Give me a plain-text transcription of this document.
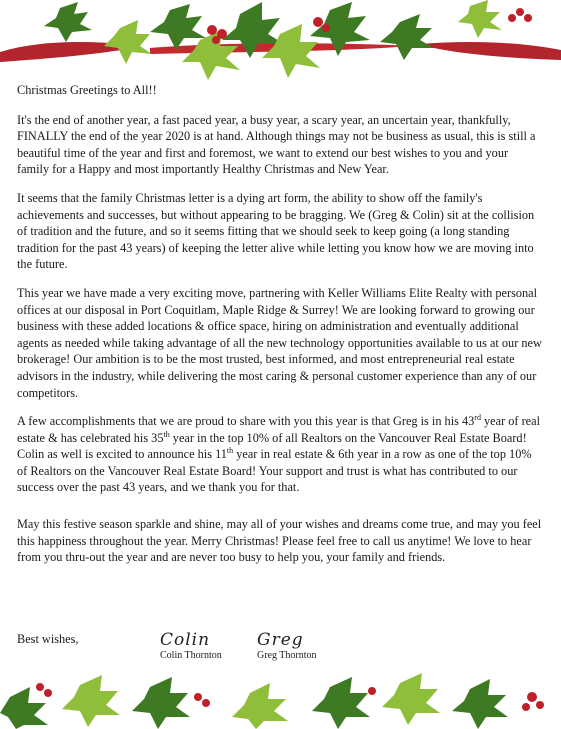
Christmas Greetings to All!!

It's the end of another year, a fast paced year, a busy year, a scary year, an uncertain year, thankfully, FINALLY the end of the year 2020 is at hand. Although things may not be business as usual, this is still a beautiful time of the year and first and foremost, we want to extend our best wishes to you and your family for a Happy and most importantly Healthy Christmas and New Year.

It seems that the family Christmas letter is a dying art form, the ability to show off the family's achievements and successes, but without appearing to be bragging. We (Greg & Colin) sit at the collision of tradition and the future, and so it seems fitting that we should seek to keep going (a long standing tradition for the past 43 years) of keeping the letter alive while letting you know how we are moving into the future.

This year we have made a very exciting move, partnering with Keller Williams Elite Realty with personal offices at our disposal in Port Coquitlam, Maple Ridge & Surrey! We are looking forward to growing our business with these added locations & office space, hiring on administration and eventually additional agents as needed while taking advantage of all the new technology opportunities available to us at our new brokerage! Our ambition is to be the most trusted, best informed, and most entrepreneurial real estate advisors in the industry, while delivering the most caring & personal customer experience than any of our competitors.

A few accomplishments that we are proud to share with you this year is that Greg is in his 43rd year of real estate & has celebrated his 35th year in the top 10% of all Realtors on the Vancouver Real Estate Board! Colin as well is excited to announce his 11th year in real estate & 6th year in a row as one of the top 10% of Realtors on the Vancouver Real Estate Board! Your support and trust is what has contributed to our success over the past 43 years, and we thank you for that.

May this festive season sparkle and shine, may all of your wishes and dreams come true, and may you feel this happiness throughout the year. Merry Christmas! Please feel free to call us anytime! We love to hear from you thru-out the year and are never too busy to help you, your family and friends.

Best wishes,	Colin
Colin Thornton
Greg
Greg Thornton
